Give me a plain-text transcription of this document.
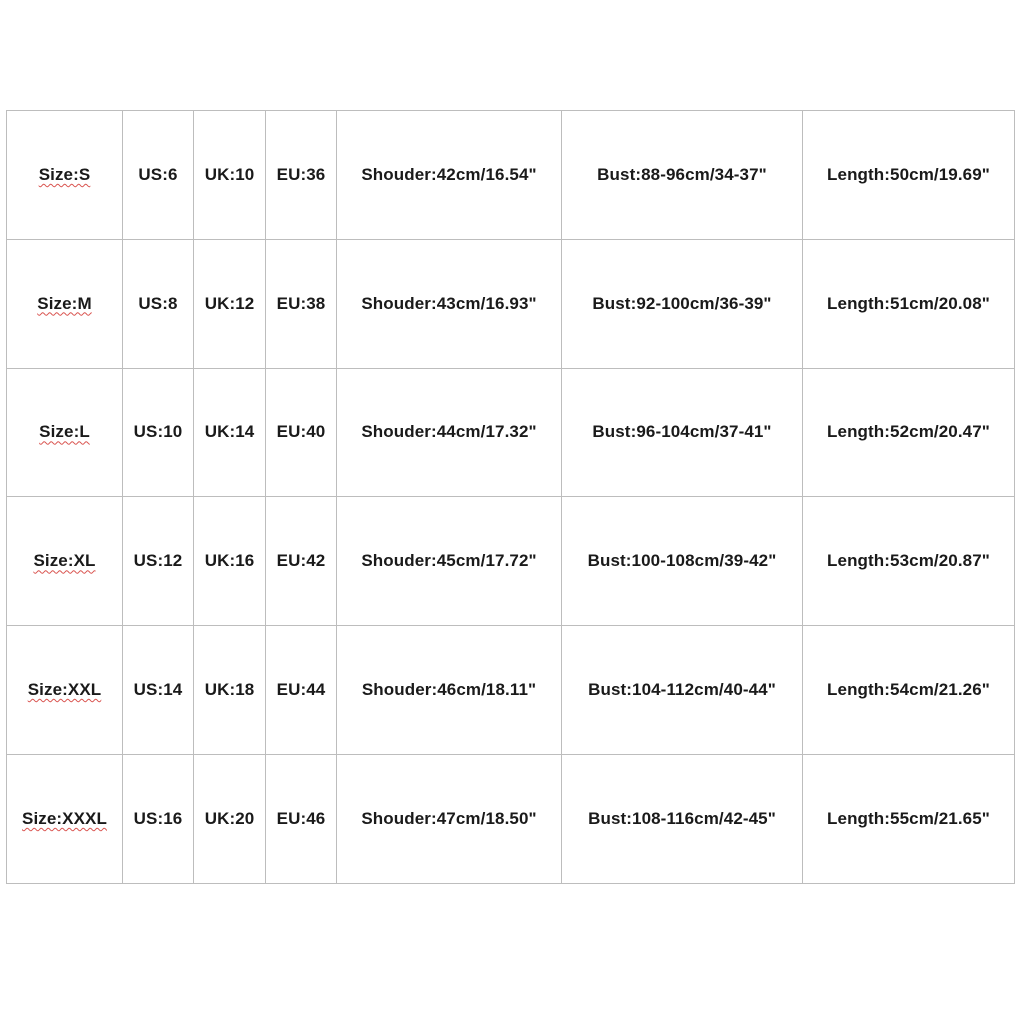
Size:S	US:6	UK:10	EU:36	Shouder:42cm/16.54"	Bust:88-96cm/34-37"	Length:50cm/19.69"
Size:M	US:8	UK:12	EU:38	Shouder:43cm/16.93"	Bust:92-100cm/36-39"	Length:51cm/20.08"
Size:L	US:10	UK:14	EU:40	Shouder:44cm/17.32"	Bust:96-104cm/37-41"	Length:52cm/20.47"
Size:XL	US:12	UK:16	EU:42	Shouder:45cm/17.72"	Bust:100-108cm/39-42"	Length:53cm/20.87"
Size:XXL	US:14	UK:18	EU:44	Shouder:46cm/18.11"	Bust:104-112cm/40-44"	Length:54cm/21.26"
Size:XXXL	US:16	UK:20	EU:46	Shouder:47cm/18.50"	Bust:108-116cm/42-45"	Length:55cm/21.65"
